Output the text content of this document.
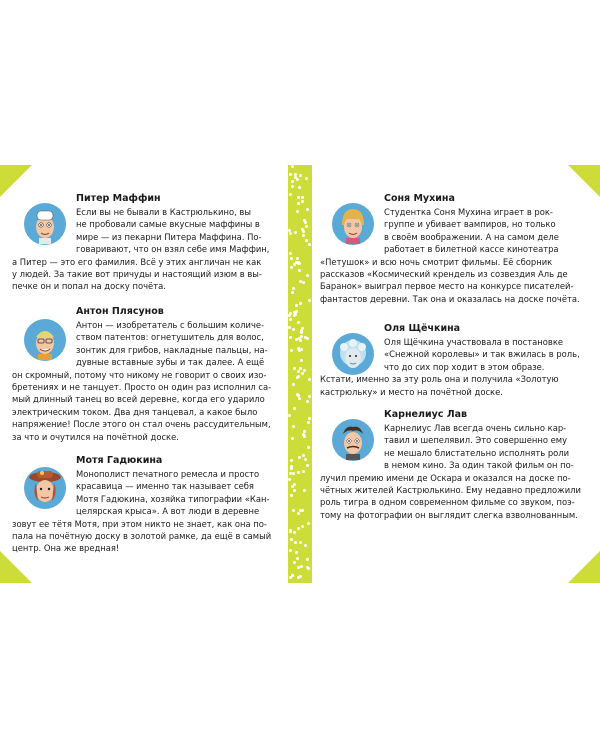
Питер Маффин
Если вы не бывали в Кастрюлькино, вы
не пробовали самые вкусные маффины в
мире — из пекарни Питера Маффина. По-
говаривают, что он взял себе имя Маффин,
а Питер — это его фамилия. Всё у этих англичан не как
у людей. За такие вот причуды и настоящий изюм в вы-
печке он и попал на доску почёта.
Антон Плясунов
Антон — изобретатель с большим количе-
ством патентов: огнетушитель для волос,
зонтик для грибов, накладные пальцы, на-
дувные вставные зубы и так далее. А ещё
он скромный, потому что никому не говорит о своих изо-
бретениях и не танцует. Просто он один раз исполнил са-
мый длинный танец во всей деревне, когда его ударило
электрическим током. Два дня танцевал, а какое было
напряжение! После этого он стал очень рассудительным,
за что и очутился на почётной доске.
Мотя Гадюкина
Монополист печатного ремесла и просто
красавица — именно так называет себя
Мотя Гадюкина, хозяйка типографии «Кан-
целярская крыса». А вот люди в деревне
зовут ее тётя Мотя, при этом никто не знает, как она по-
пала на почётную доску в золотой рамке, да ещё в самый
центр. Она же вредная!
Соня Мухина
Студентка Соня Мухина играет в рок-
группе и убивает вампиров, но только
в своём воображении. А на самом деле
работает в билетной кассе кинотеатра
«Петушок» и всю ночь смотрит фильмы. Её сборник
рассказов «Космический крендель из созвездия Аль де
Баранок» выиграл первое место на конкурсе писателей-
фантастов деревни. Так она и оказалась на доске почёта.
Оля Щёчкина
Оля Щёчкина участвовала в постановке
«Снежной королевы» и так вжилась в роль,
что до сих пор ходит в этом образе.
Кстати, именно за эту роль она и получила «Золотую
кастрюльку» и место на почётной доске.
Карнелиус Лав
Карнелиус Лав всегда очень сильно кар-
тавил и шепелявил. Это совершенно ему
не мешало блистательно исполнять роли
в немом кино. За один такой фильм он по-
лучил премию имени де Оскара и оказался на доске по-
чётных жителей Кастрюлькино. Ему недавно предложили
роль тигра в одном современном фильме со звуком, поэ-
тому на фотографии он выглядит слегка взволнованным.
